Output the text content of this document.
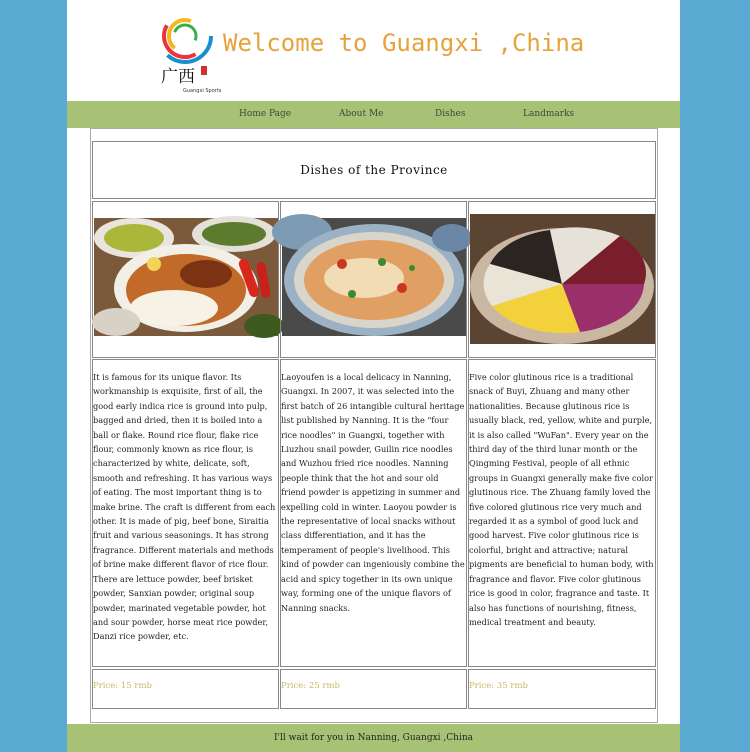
广西
Guangxi Sports
Welcome to Guangxi ,China
Home Page	About Me	Dishes	Landmarks
Dishes of the Province

It is famous for its unique flavor. Its workmanship is exquisite, first of all, the good early indica rice is ground into pulp, bagged and dried, then it is boiled into a ball or flake. Round rice flour, flake rice flour, commonly known as rice flour, is characterized by white, delicate, soft, smooth and refreshing. It has various ways of eating. The most important thing is to make brine. The craft is different from each other. It is made of pig, beef bone, Siraitia fruit and various seasonings. It has strong fragrance. Different materials and methods of brine make different flavor of rice flour. There are lettuce powder, beef brisket powder, Sanxian powder, original soup powder, marinated vegetable powder, hot and sour powder, horse meat rice powder, Danzi rice powder, etc.

Laoyoufen is a local delicacy in Nanning, Guangxi. In 2007, it was selected into the first batch of 26 intangible cultural heritage list published by Nanning. It is the "four rice noodles" in Guangxi, together with Liuzhou snail powder, Guilin rice noodles and Wuzhou fried rice noodles. Nanning people think that the hot and sour old friend powder is appetizing in summer and expelling cold in winter. Laoyou powder is the representative of local snacks without class differentiation, and it has the temperament of people's livelihood. This kind of powder can ingeniously combine the acid and spicy together in its own unique way, forming one of the unique flavors of Nanning snacks.

Five color glutinous rice is a traditional snack of Buyi, Zhuang and many other nationalities. Because glutinous rice is usually black, red, yellow, white and purple, it is also called "WuFan". Every year on the third day of the third lunar month or the Qingming Festival, people of all ethnic groups in Guangxi generally make five color glutinous rice. The Zhuang family loved the five colored glutinous rice very much and regarded it as a symbol of good luck and good harvest. Five color glutinous rice is colorful, bright and attractive; natural pigments are beneficial to human body, with fragrance and flavor. Five color glutinous rice is good in color, fragrance and taste. It also has functions of nourishing, fitness, medical treatment and beauty.

Price: 15 rmb	Price: 25 rmb	Price: 35 rmb
I'll wait for you in Nanning, Guangxi ,China
